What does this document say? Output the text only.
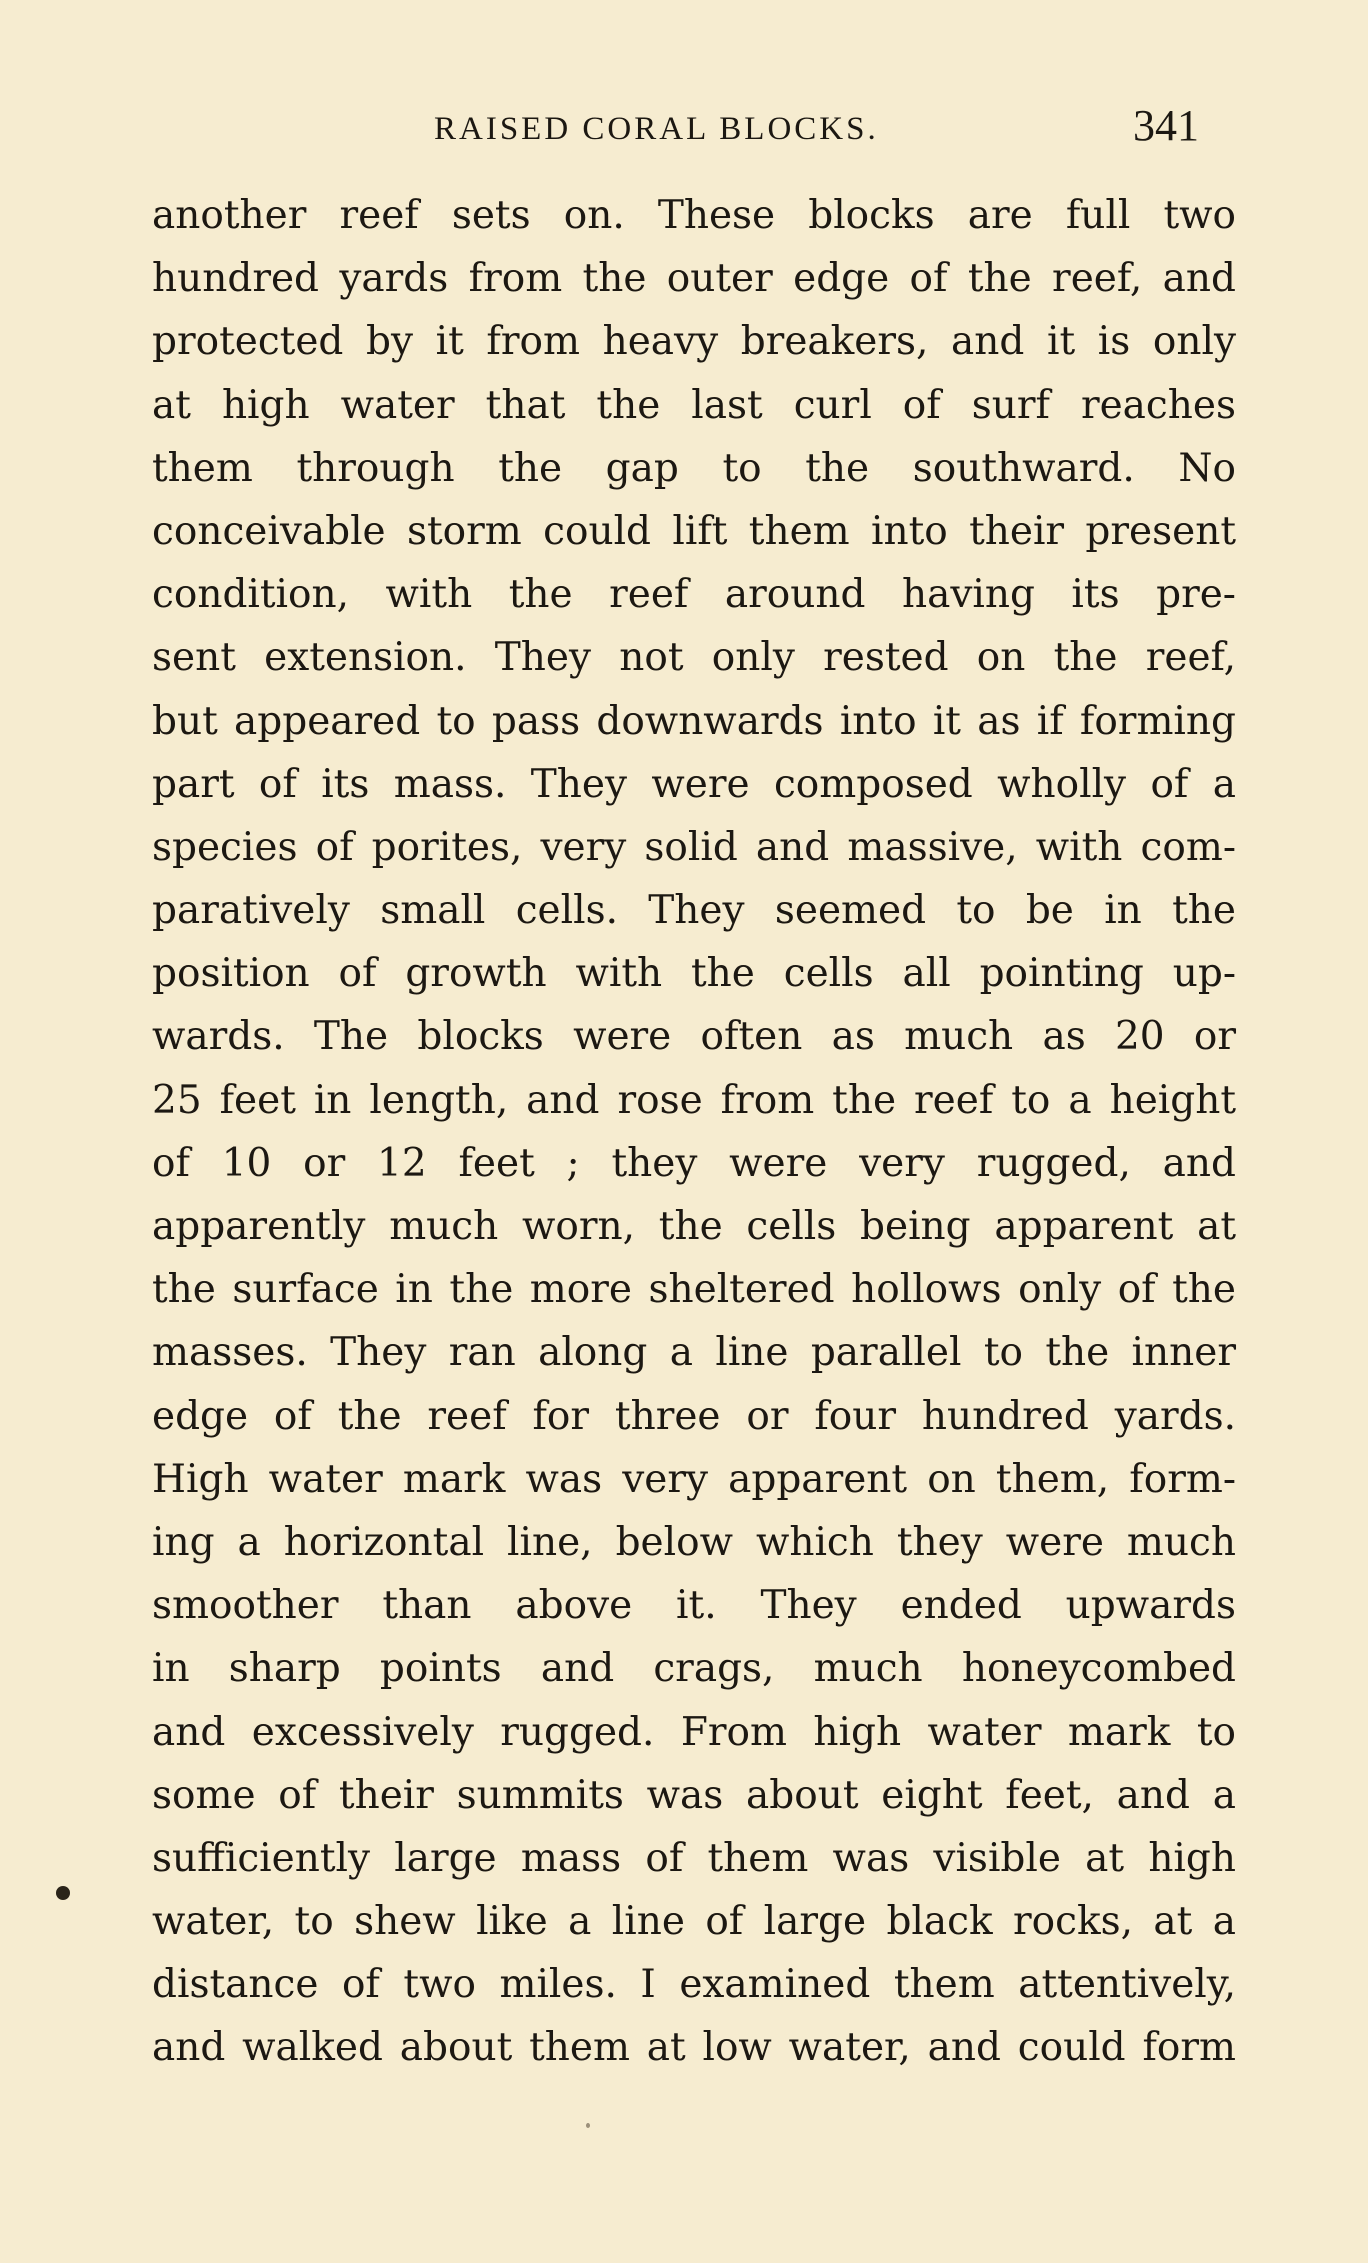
RAISED CORAL BLOCKS.	341
another reef sets on. These blocks are full two
hundred yards from the outer edge of the reef, and
protected by it from heavy breakers, and it is only
at high water that the last curl of surf reaches
them through the gap to the southward. No
conceivable storm could lift them into their present
condition, with the reef around having its pre-
sent extension. They not only rested on the reef,
but appeared to pass downwards into it as if forming
part of its mass. They were composed wholly of a
species of porites, very solid and massive, with com-
paratively small cells. They seemed to be in the
position of growth with the cells all pointing up-
wards. The blocks were often as much as 20 or
25 feet in length, and rose from the reef to a height
of 10 or 12 feet ; they were very rugged, and
apparently much worn, the cells being apparent at
the surface in the more sheltered hollows only of the
masses. They ran along a line parallel to the inner
edge of the reef for three or four hundred yards.
High water mark was very apparent on them, form-
ing a horizontal line, below which they were much
smoother than above it. They ended upwards
in sharp points and crags, much honeycombed
and excessively rugged. From high water mark to
some of their summits was about eight feet, and a
sufficiently large mass of them was visible at high
water, to shew like a line of large black rocks, at a
distance of two miles. I examined them attentively,
and walked about them at low water, and could form
